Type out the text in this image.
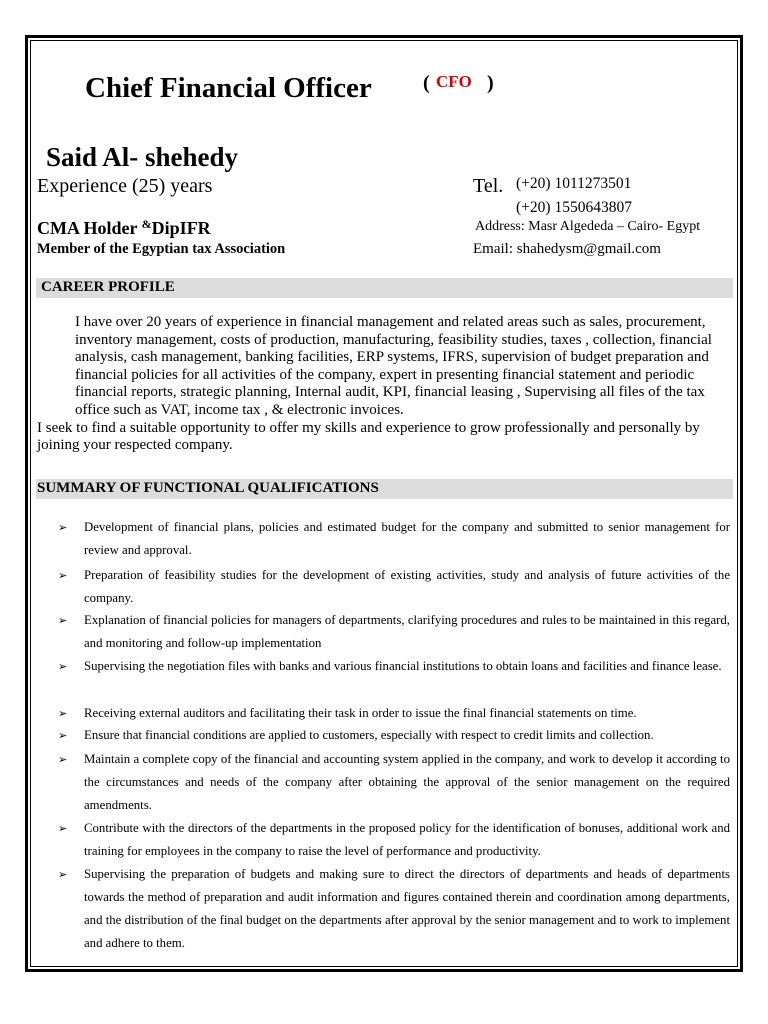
Chief Financial Officer	( CFO )
Said Al- shehedy
Experience (25) years	Tel. (+20) 1011273501
(+20) 1550643807
CMA Holder &DipIFR	Address: Masr Algededa – Cairo- Egypt
Member of the Egyptian tax Association	Email: shahedysm@gmail.com
CAREER PROFILE

I have over 20 years of experience in financial management and related areas such as sales, procurement, inventory management, costs of production, manufacturing, feasibility studies, taxes , collection, financial analysis, cash management, banking facilities, ERP systems, IFRS, supervision of budget preparation and financial policies for all activities of the company, expert in presenting financial statement and periodic financial reports, strategic planning, Internal audit, KPI, financial leasing , Supervising all files of the tax office such as VAT, income tax , & electronic invoices.

I seek to find a suitable opportunity to offer my skills and experience to grow professionally and personally by joining your respected company.

SUMMARY OF FUNCTIONAL QUALIFICATIONS
➢ Development of financial plans, policies and estimated budget for the company and submitted to senior management for review and approval.
➢ Preparation of feasibility studies for the development of existing activities, study and analysis of future activities of the company.
➢ Explanation of financial policies for managers of departments, clarifying procedures and rules to be maintained in this regard, and monitoring and follow-up implementation
➢ Supervising the negotiation files with banks and various financial institutions to obtain loans and facilities and finance lease.
➢ Receiving external auditors and facilitating their task in order to issue the final financial statements on time.
➢ Ensure that financial conditions are applied to customers, especially with respect to credit limits and collection.
➢ Maintain a complete copy of the financial and accounting system applied in the company, and work to develop it according to the circumstances and needs of the company after obtaining the approval of the senior management on the required amendments.
➢ Contribute with the directors of the departments in the proposed policy for the identification of bonuses, additional work and training for employees in the company to raise the level of performance and productivity.
➢ Supervising the preparation of budgets and making sure to direct the directors of departments and heads of departments towards the method of preparation and audit information and figures contained therein and coordination among departments, and the distribution of the final budget on the departments after approval by the senior management and to work to implement and adhere to them.
